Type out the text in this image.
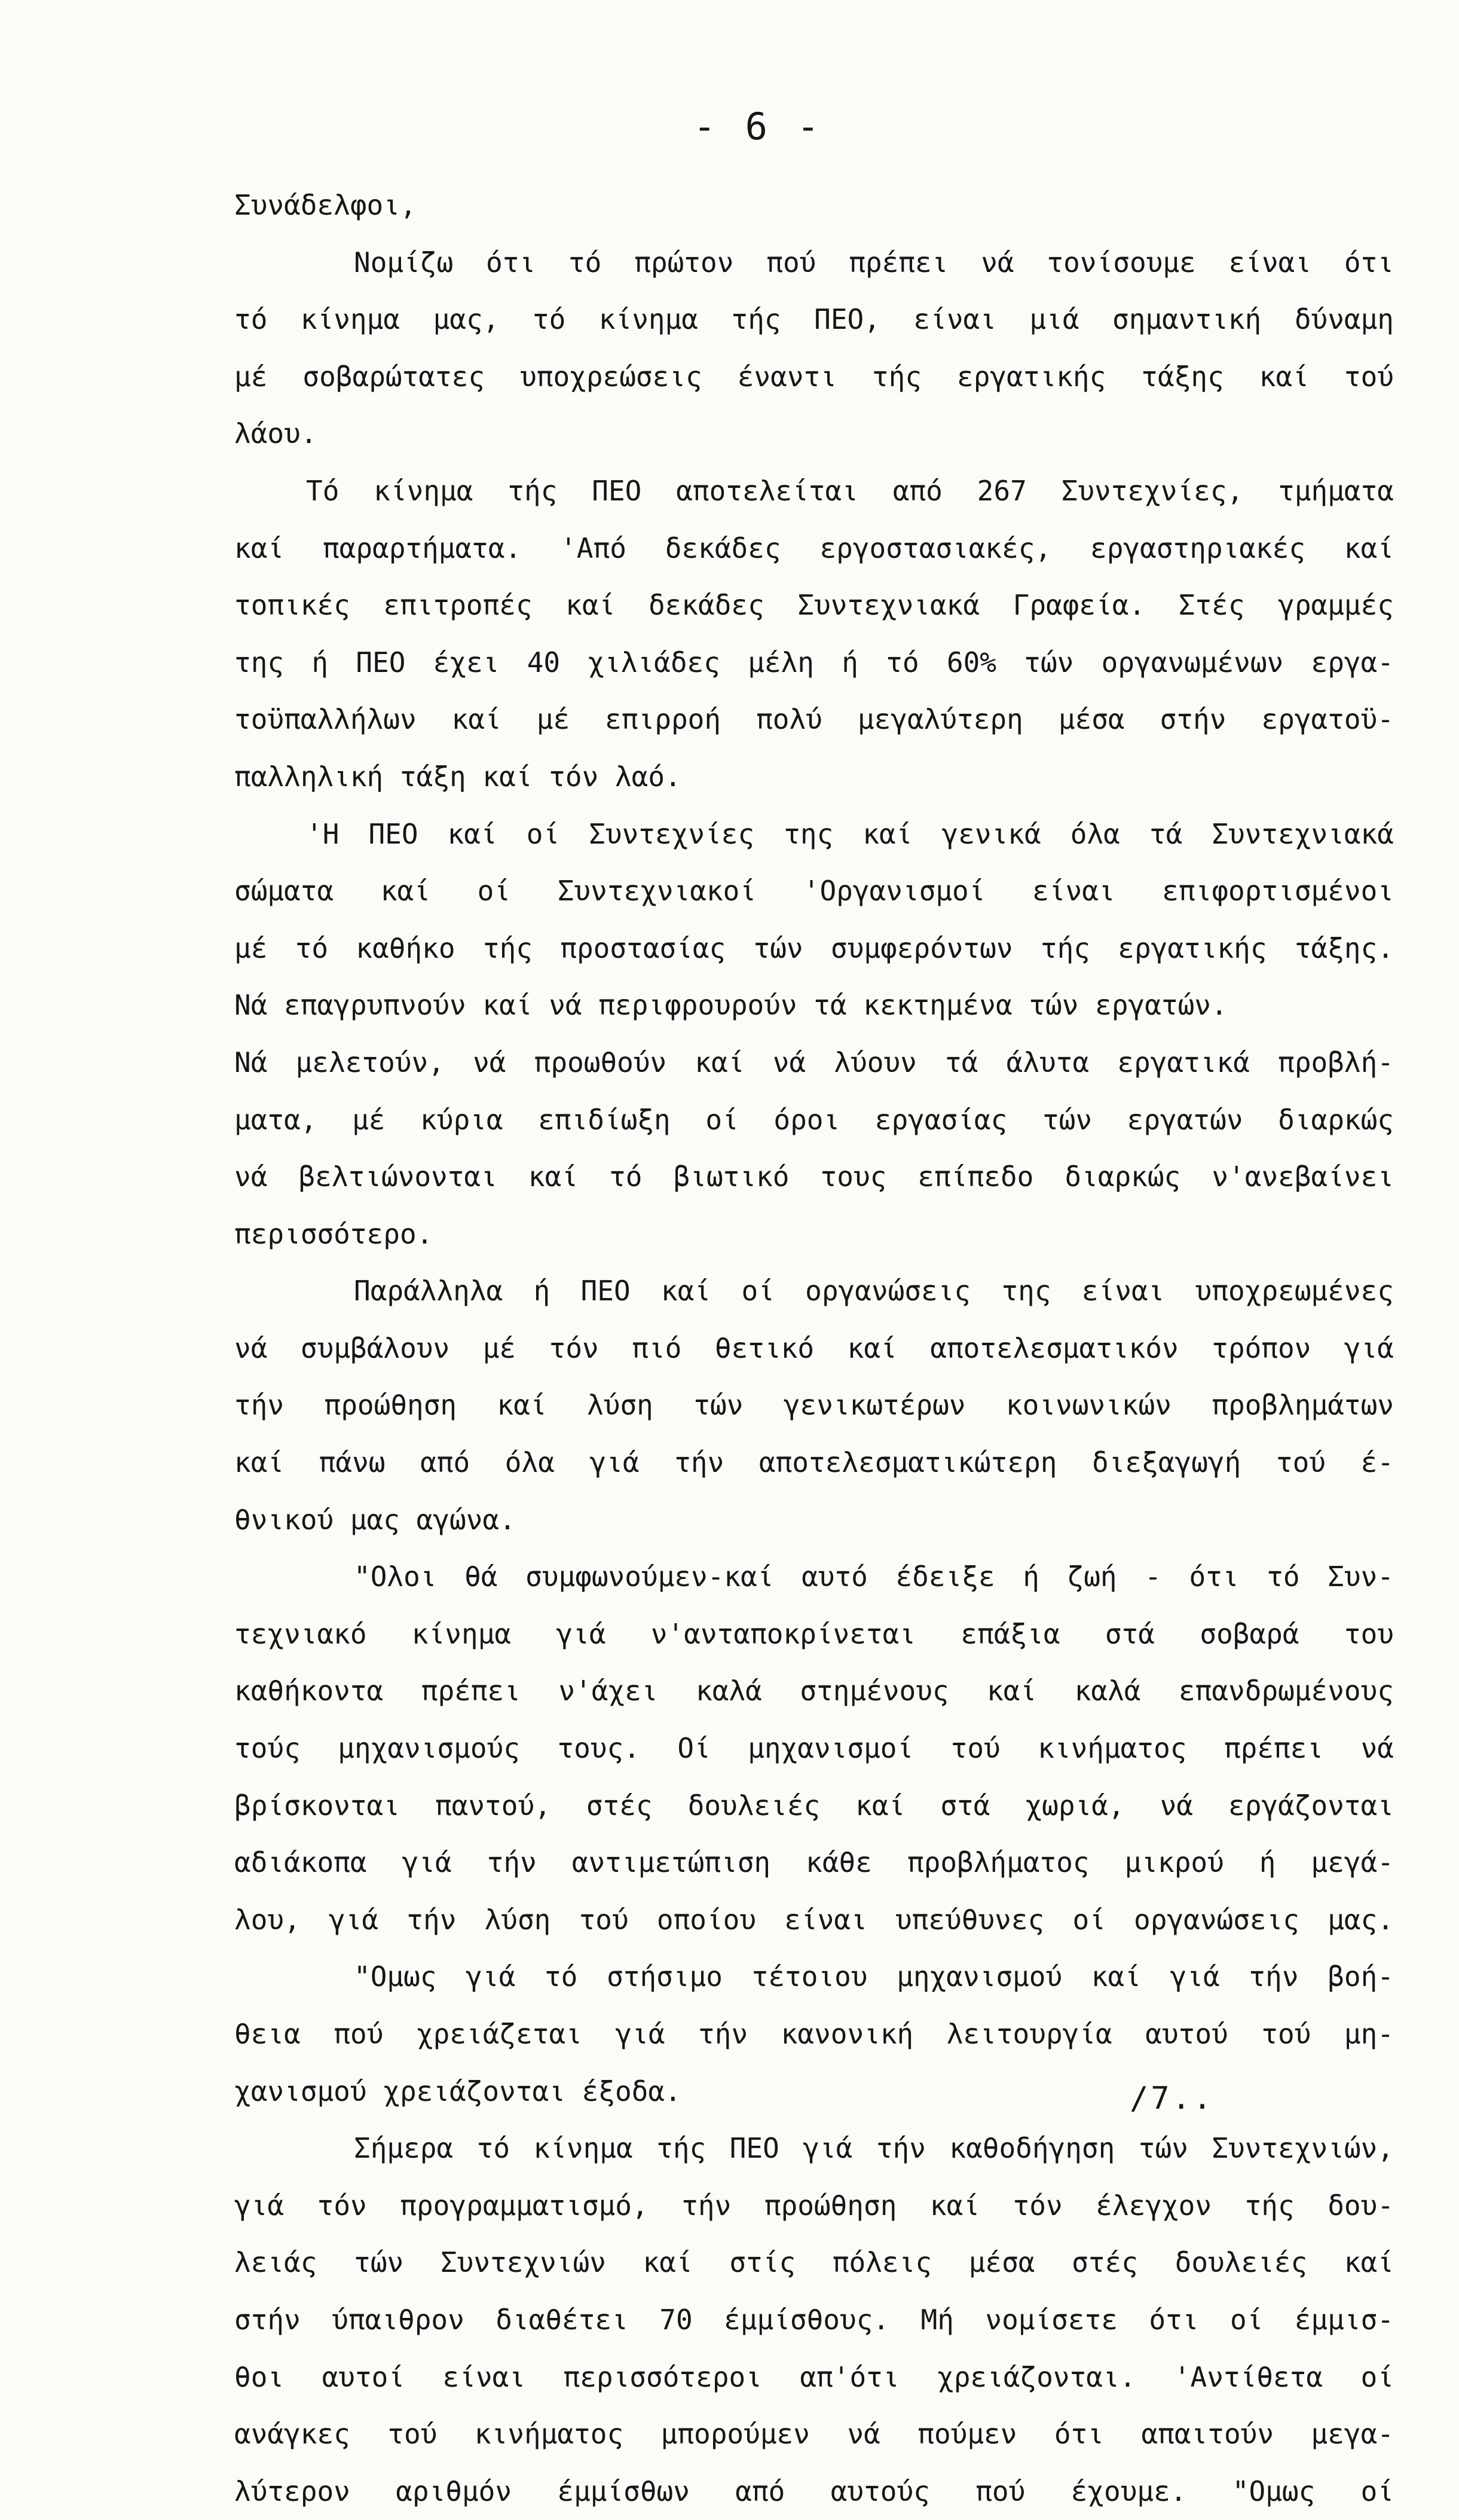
- 6 -
Συνάδελφοι,
Νομίζω ότι τό πρώτον πού πρέπει νά τονίσουμε είναι ότι
τό κίνημα μας, τό κίνημα τής ΠΕΟ, είναι μιά σημαντική δύναμη
μέ σοβαρώτατες υποχρεώσεις έναντι τής εργατικής τάξης καί τού
λάου.
Τό κίνημα τής ΠΕΟ αποτελείται από 267 Συντεχνίες, τμήματα
καί παραρτήματα. 'Από δεκάδες εργοστασιακές, εργαστηριακές καί
τοπικές επιτροπές καί δεκάδες Συντεχνιακά Γραφεία. Στές γραμμές
της ή ΠΕΟ έχει 40 χιλιάδες μέλη ή τό 60% τών οργανωμένων εργα-
τοϋπαλλήλων καί μέ επιρροή πολύ μεγαλύτερη μέσα στήν εργατοϋ-
παλληλική τάξη καί τόν λαό.
'Η ΠΕΟ καί οί Συντεχνίες της καί γενικά όλα τά Συντεχνιακά
σώματα καί οί Συντεχνιακοί 'Οργανισμοί είναι επιφορτισμένοι
μέ τό καθήκο τής προστασίας τών συμφερόντων τής εργατικής τάξης.
Νά επαγρυπνούν καί νά περιφρουρούν τά κεκτημένα τών εργατών.
Νά μελετούν, νά προωθούν καί νά λύουν τά άλυτα εργατικά προβλή-
ματα, μέ κύρια επιδίωξη οί όροι εργασίας τών εργατών διαρκώς
νά βελτιώνονται καί τό βιωτικό τους επίπεδο διαρκώς ν'ανεβαίνει
περισσότερο.
Παράλληλα ή ΠΕΟ καί οί οργανώσεις της είναι υποχρεωμένες
νά συμβάλουν μέ τόν πιό θετικό καί αποτελεσματικόν τρόπον γιά
τήν προώθηση καί λύση τών γενικωτέρων κοινωνικών προβλημάτων
καί πάνω από όλα γιά τήν αποτελεσματικώτερη διεξαγωγή τού έ-
θνικού μας αγώνα.
"Ολοι θά συμφωνούμεν-καί αυτό έδειξε ή ζωή - ότι τό Συν-
τεχνιακό κίνημα γιά ν'ανταποκρίνεται επάξια στά σοβαρά του
καθήκοντα πρέπει ν'άχει καλά στημένους καί καλά επανδρωμένους
τούς μηχανισμούς τους. Οί μηχανισμοί τού κινήματος πρέπει νά
βρίσκονται παντού, στές δουλειές καί στά χωριά, νά εργάζονται
αδιάκοπα γιά τήν αντιμετώπιση κάθε προβλήματος μικρού ή μεγά-
λου, γιά τήν λύση τού οποίου είναι υπεύθυνες οί οργανώσεις μας.
"Ομως γιά τό στήσιμο τέτοιου μηχανισμού καί γιά τήν βοή-
θεια πού χρειάζεται γιά τήν κανονική λειτουργία αυτού τού μη-
χανισμού χρειάζονται έξοδα.
Σήμερα τό κίνημα τής ΠΕΟ γιά τήν καθοδήγηση τών Συντεχνιών,
γιά τόν προγραμματισμό, τήν προώθηση καί τόν έλεγχον τής δου-
λειάς τών Συντεχνιών καί στίς πόλεις μέσα στές δουλειές καί
στήν ύπαιθρον διαθέτει 70 έμμίσθους. Μή νομίσετε ότι οί έμμισ-
θοι αυτοί είναι περισσότεροι απ'ότι χρειάζονται. 'Αντίθετα οί
ανάγκες τού κινήματος μπορούμεν νά πούμεν ότι απαιτούν μεγα-
λύτερον αριθμόν έμμίσθων από αυτούς πού έχουμε. "Ομως οί
/7..
